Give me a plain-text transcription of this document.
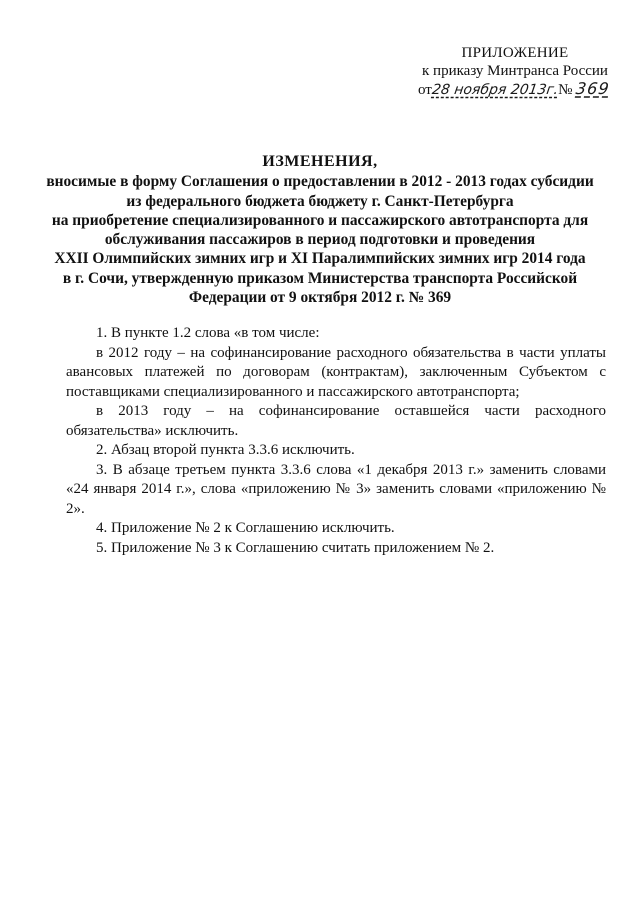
ПРИЛОЖЕНИЕ
к приказу Минтранса России
от28 ноября 2013г.№ 369
ИЗМЕНЕНИЯ,
вносимые в форму Соглашения о предоставлении в 2012 - 2013 годах субсидии
из федерального бюджета бюджету г. Санкт-Петербурга
на приобретение специализированного и пассажирского автотранспорта для
обслуживания пассажиров в период подготовки и проведения
XXII Олимпийских зимних игр и XI Паралимпийских зимних игр 2014 года
в г. Сочи, утвержденную приказом Министерства транспорта Российской
Федерации от 9 октября 2012 г. № 369

1. В пункте 1.2 слова «в том числе:

в 2012 году – на софинансирование расходного обязательства в части уплаты авансовых платежей по договорам (контрактам), заключенным Субъектом с поставщиками специализированного и пассажирского автотранспорта;

в 2013 году – на софинансирование оставшейся части расходного обязательства» исключить.

2. Абзац второй пункта 3.3.6 исключить.

3. В абзаце третьем пункта 3.3.6 слова «1 декабря 2013 г.» заменить словами «24 января 2014 г.», слова «приложению № 3» заменить словами «приложению № 2».

4. Приложение № 2 к Соглашению исключить.

5. Приложение № 3 к Соглашению считать приложением № 2.
